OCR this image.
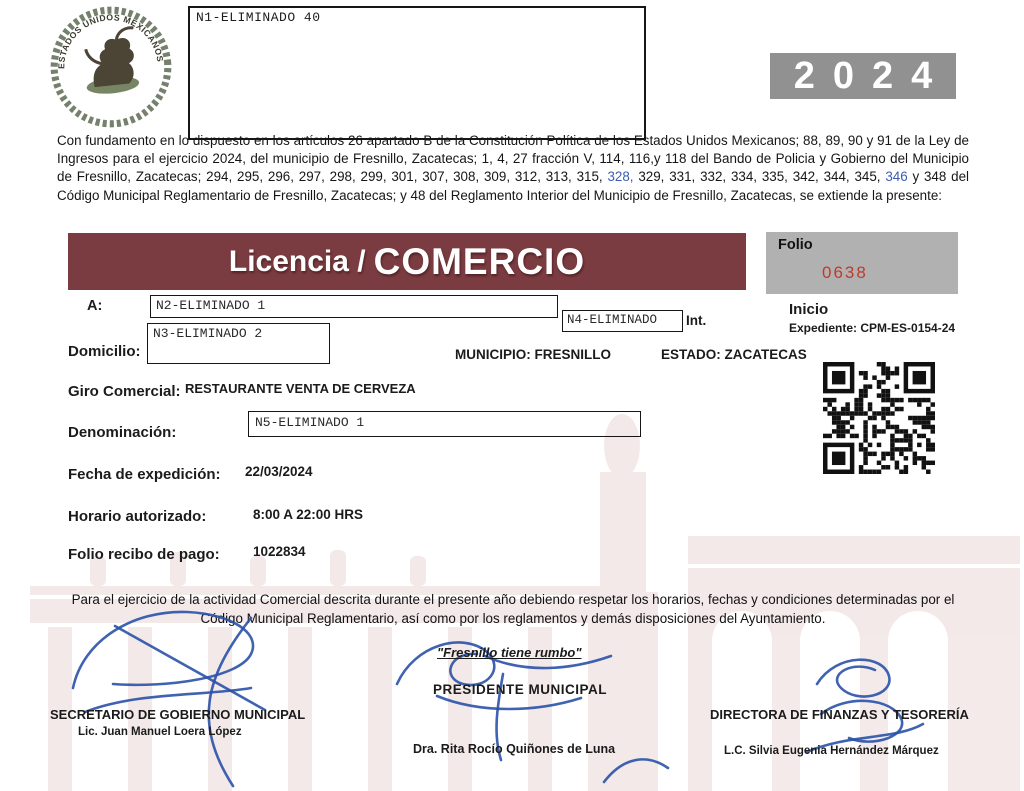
ESTADOS UNIDOS MEXICANOS
N1-ELIMINADO 40
2024
Con fundamento en lo dispuesto en los artículos 26 apartado B de la Constitución Política de los Estados Unidos Mexicanos; 88, 89, 90 y 91 de la Ley de Ingresos para el ejercicio 2024, del municipio de Fresnillo, Zacatecas; 1, 4, 27 fracción V, 114, 116,y 118 del Bando de Policia y Gobierno del Municipio de Fresnillo, Zacatecas; 294, 295, 296, 297, 298, 299, 301, 307, 308, 309, 312, 313, 315, 328, 329, 331, 332, 334, 335, 342, 344, 345, 346 y 348 del Código Municipal Reglamentario de Fresnillo, Zacatecas; y 48 del Reglamento Interior del Municipio de Fresnillo, Zacatecas, se extiende la presente:
Licencia / COMERCIO	Folio
0638
A:	N2-ELIMINADO 1
N3-ELIMINADO 2
Domicilio:
N4-ELIMINADO	Int.
Inicio
Expediente: CPM-ES-0154-24
MUNICIPIO: FRESNILLO	ESTADO: ZACATECAS
Giro Comercial: RESTAURANTE VENTA DE CERVEZA
Denominación:
N5-ELIMINADO 1
Fecha de expedición: 22/03/2024
Horario autorizado:	8:00 A 22:00 HRS
Folio recibo de pago: 1022834
Para el ejercicio de la actividad Comercial descrita durante el presente año debiendo respetar los horarios, fechas y condiciones determinadas por el Código Municipal Reglamentario, así como por los reglamentos y demás disposiciones del Ayuntamiento.
"Fresnillo tiene rumbo"
PRESIDENTE MUNICIPAL
Dra. Rita Rocío Quiñones de Luna
SECRETARIO DE GOBIERNO MUNICIPAL
Lic. Juan Manuel Loera López
DIRECTORA DE FINANZAS Y TESORERÍA
L.C. Silvia Eugenia Hernández Márquez
